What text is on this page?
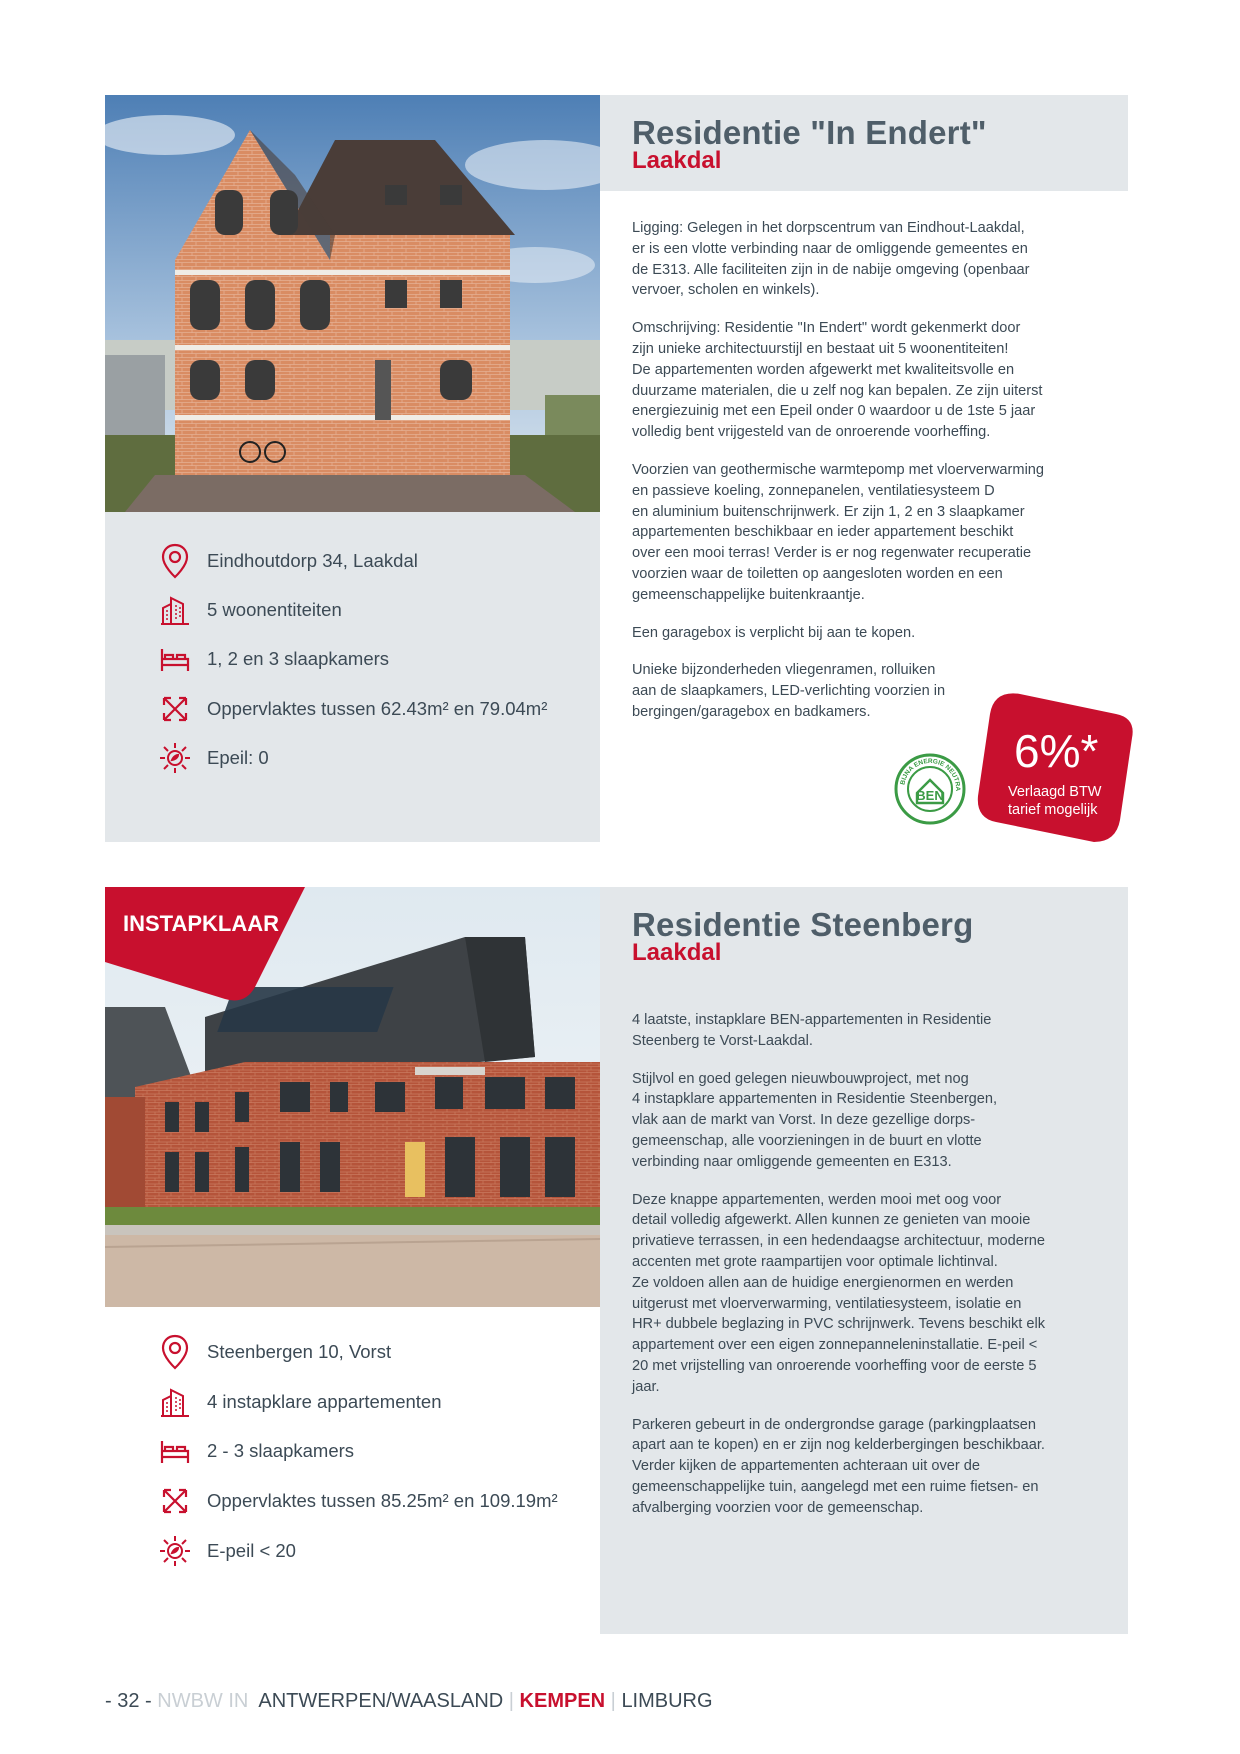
Residentie "In Endert"
Laakdal

Ligging: Gelegen in het dorpscentrum van Eindhout-Laakdal,
er is een vlotte verbinding naar de omliggende gemeentes en
de E313. Alle faciliteiten zijn in de nabije omgeving (openbaar
vervoer, scholen en winkels).

Omschrijving: Residentie "In Endert" wordt gekenmerkt door
zijn unieke architectuurstijl en bestaat uit 5 woonentiteiten!
De appartementen worden afgewerkt met kwaliteitsvolle en
duurzame materialen, die u zelf nog kan bepalen. Ze zijn uiterst
energiezuinig met een Epeil onder 0 waardoor u de 1ste 5 jaar
volledig bent vrijgesteld van de onroerende voorheffing.

Voorzien van geothermische warmtepomp met vloerverwarming
en passieve koeling, zonnepanelen, ventilatiesysteem D
en aluminium buitenschrijnwerk. Er zijn 1, 2 en 3 slaapkamer
appartementen beschikbaar en ieder appartement beschikt
over een mooi terras! Verder is er nog regenwater recuperatie
voorzien waar de toiletten op aangesloten worden en een
gemeenschappelijke buitenkraantje.

Een garagebox is verplicht bij aan te kopen.

Unieke bijzonderheden vliegenramen, rolluiken
aan de slaapkamers, LED-verlichting voorzien in
bergingen/garagebox en badkamers.

Eindhoutdorp 34, Laakdal
5 woonentiteiten
1, 2 en 3 slaapkamers
Oppervlaktes tussen 62.43m² en 79.04m²
Epeil: 0
BEN
BIJNA ENERGIE NEUTRA
6%*
Verlaagd BTW
tarief mogelijk
INSTAPKLAAR	Residentie Steenberg
Laakdal

4 laatste, instapklare BEN-appartementen in Residentie
Steenberg te Vorst-Laakdal.

Stijlvol en goed gelegen nieuwbouwproject, met nog
4 instapklare appartementen in Residentie Steenbergen,
vlak aan de markt van Vorst. In deze gezellige dorps-
gemeenschap, alle voorzieningen in de buurt en vlotte
verbinding naar omliggende gemeenten en E313.

Deze knappe appartementen, werden mooi met oog voor
detail volledig afgewerkt. Allen kunnen ze genieten van mooie
privatieve terrassen, in een hedendaagse architectuur, moderne
accenten met grote raampartijen voor optimale lichtinval.
Ze voldoen allen aan de huidige energienormen en werden
uitgerust met vloerverwarming, ventilatiesysteem, isolatie en
HR+ dubbele beglazing in PVC schrijnwerk. Tevens beschikt elk
appartement over een eigen zonnepanneleninstallatie. E-peil <
20 met vrijstelling van onroerende voorheffing voor de eerste 5
jaar.

Parkeren gebeurt in de ondergrondse garage (parkingplaatsen
apart aan te kopen) en er zijn nog kelderbergingen beschikbaar.
Verder kijken de appartementen achteraan uit over de
gemeenschappelijke tuin, aangelegd met een ruime fietsen- en
afvalberging voorzien voor de gemeenschap.

Steenbergen 10, Vorst
4 instapklare appartementen
2 - 3 slaapkamers
Oppervlaktes tussen 85.25m² en 109.19m²
E-peil < 20
- 32 - NWBW IN ANTWERPEN/WAASLAND | KEMPEN | LIMBURG
